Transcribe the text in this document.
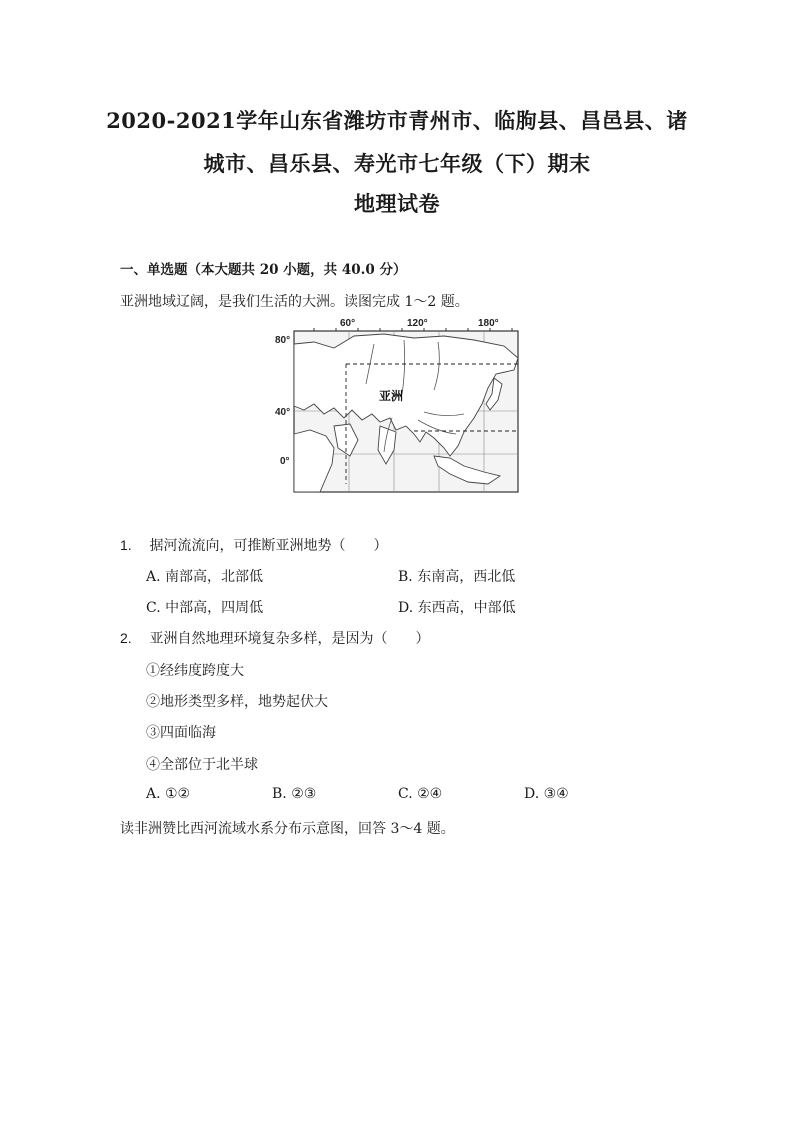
2020-2021学年山东省潍坊市青州市、临朐县、昌邑县、诸
城市、昌乐县、寿光市七年级（下）期末
地理试卷
一、单选题（本大题共 20 小题，共 40.0 分）
亚洲地域辽阔，是我们生活的大洲。读图完成 1～2 题。
60°	120°	180°
80°
40°
0°
亚洲
1. 据河流流向，可推断亚洲地势（　　）
A. 南部高，北部低	B. 东南高，西北低
C. 中部高，四周低	D. 东西高，中部低
2. 亚洲自然地理环境复杂多样，是因为（　　）
①经纬度跨度大
②地形类型多样，地势起伏大
③四面临海
④全部位于北半球
A. ①②	B. ②③	C. ②④	D. ③④
读非洲赞比西河流域水系分布示意图，回答 3～4 题。
